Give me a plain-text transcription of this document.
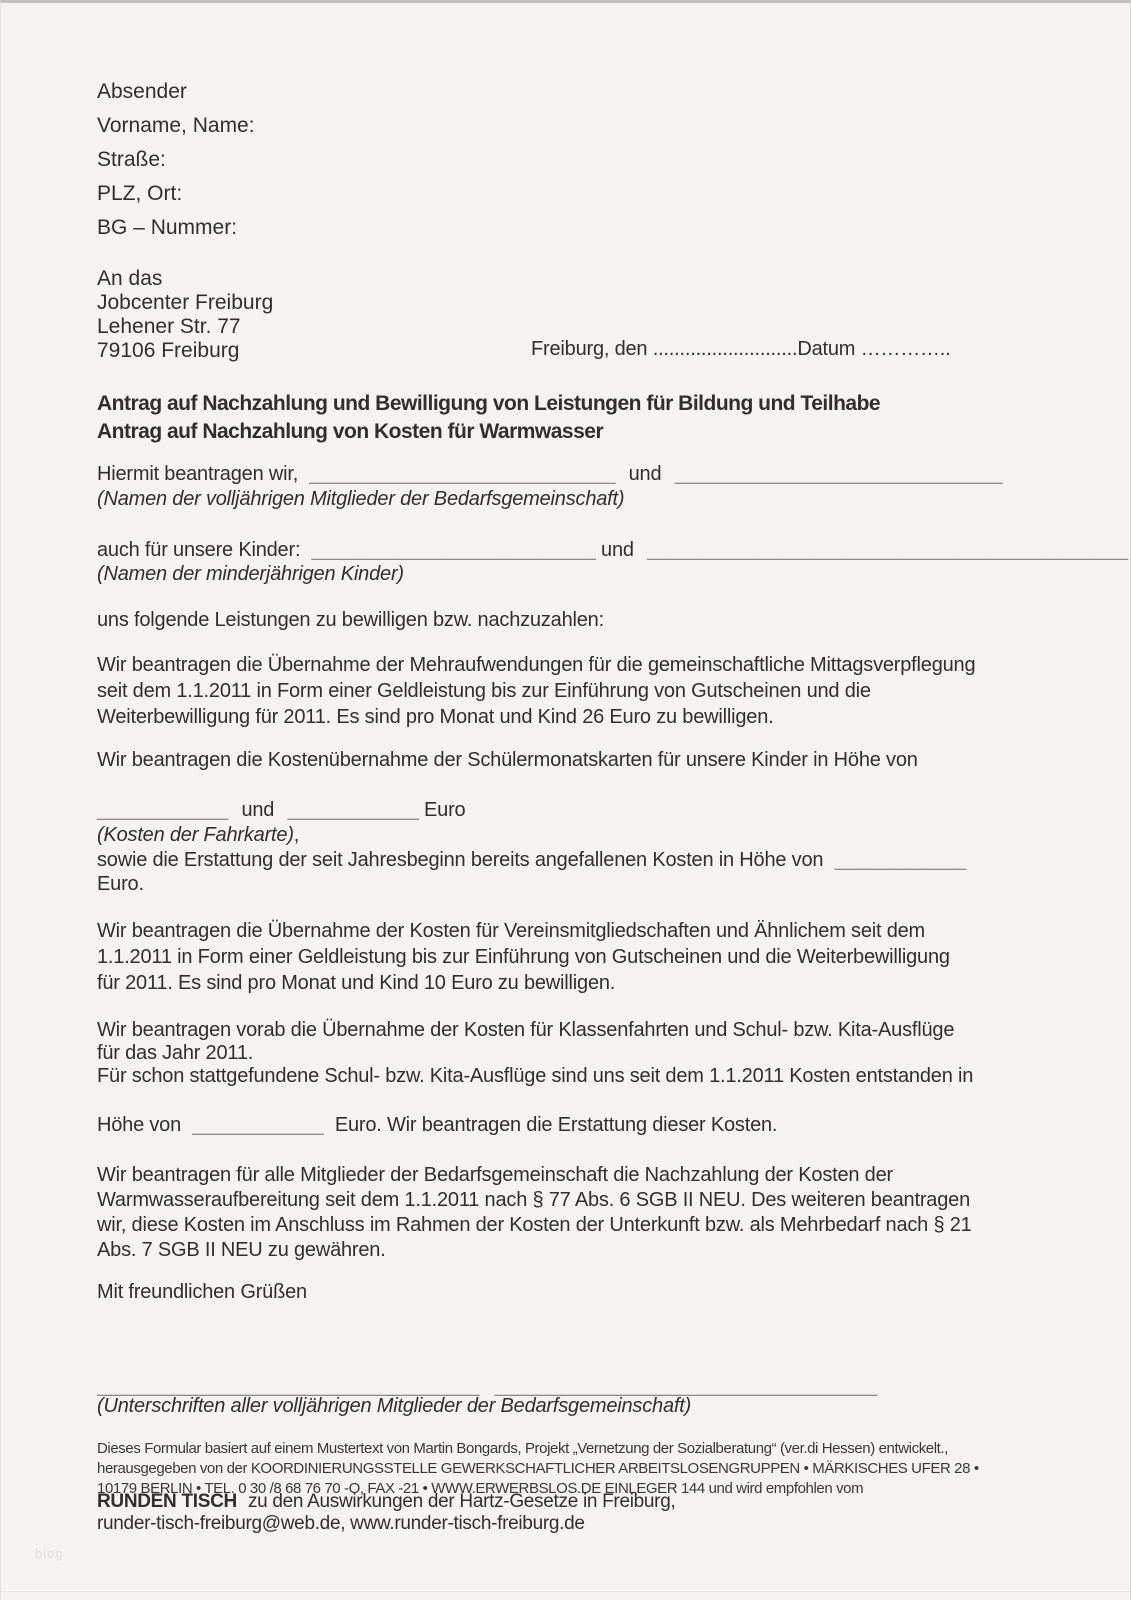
Absender
Vorname, Name:
Straße:
PLZ, Ort:
BG – Nummer:
An das
Jobcenter Freiburg
Lehener Str. 77
79106 Freiburg	Freiburg, den ...........................Datum …………..
Antrag auf Nachzahlung und Bewilligung von Leistungen für Bildung und Teilhabe
Antrag auf Nachzahlung von Kosten für Warmwasser
Hiermit beantragen wir, ____________________________ und ______________________________
(Namen der volljährigen Mitglieder der Bedarfsgemeinschaft)
auch für unsere Kinder: __________________________ und ____________________________________________
(Namen der minderjährigen Kinder)
uns folgende Leistungen zu bewilligen bzw. nachzuzahlen:
Wir beantragen die Übernahme der Mehraufwendungen für die gemeinschaftliche Mittagsverpflegung
seit dem 1.1.2011 in Form einer Geldleistung bis zur Einführung von Gutscheinen und die
Weiterbewilligung für 2011. Es sind pro Monat und Kind 26 Euro zu bewilligen.
Wir beantragen die Kostenübernahme der Schülermonatskarten für unsere Kinder in Höhe von
____________ und ____________ Euro
(Kosten der Fahrkarte),
sowie die Erstattung der seit Jahresbeginn bereits angefallenen Kosten in Höhe von ____________
Euro.
Wir beantragen die Übernahme der Kosten für Vereinsmitgliedschaften und Ähnlichem seit dem
1.1.2011 in Form einer Geldleistung bis zur Einführung von Gutscheinen und die Weiterbewilligung
für 2011. Es sind pro Monat und Kind 10 Euro zu bewilligen.
Wir beantragen vorab die Übernahme der Kosten für Klassenfahrten und Schul- bzw. Kita-Ausflüge
für das Jahr 2011.
Für schon stattgefundene Schul- bzw. Kita-Ausflüge sind uns seit dem 1.1.2011 Kosten entstanden in
Höhe von ____________ Euro. Wir beantragen die Erstattung dieser Kosten.
Wir beantragen für alle Mitglieder der Bedarfsgemeinschaft die Nachzahlung der Kosten der
Warmwasseraufbereitung seit dem 1.1.2011 nach § 77 Abs. 6 SGB II NEU. Des weiteren beantragen
wir, diese Kosten im Anschluss im Rahmen der Kosten der Unterkunft bzw. als Mehrbedarf nach § 21
Abs. 7 SGB II NEU zu gewähren.
Mit freundlichen Grüßen
___________________________________ ___________________________________
(Unterschriften aller volljährigen Mitglieder der Bedarfsgemeinschaft)
Dieses Formular basiert auf einem Mustertext von Martin Bongards, Projekt „Vernetzung der Sozialberatung“ (ver.di Hessen) entwickelt.,
herausgegeben von der KOORDINIERUNGSSTELLE GEWERKSCHAFTLICHER ARBEITSLOSENGRUPPEN • MÄRKISCHES UFER 28 •
10179 BERLIN • TEL. 0 30 /8 68 76 70 -O, FAX -21 • WWW.ERWERBSLOS.DE EINLEGER 144 und wird empfohlen vom
RUNDEN TISCH zu den Auswirkungen der Hartz-Gesetze in Freiburg,
runder-tisch-freiburg@web.de, www.runder-tisch-freiburg.de
blog
